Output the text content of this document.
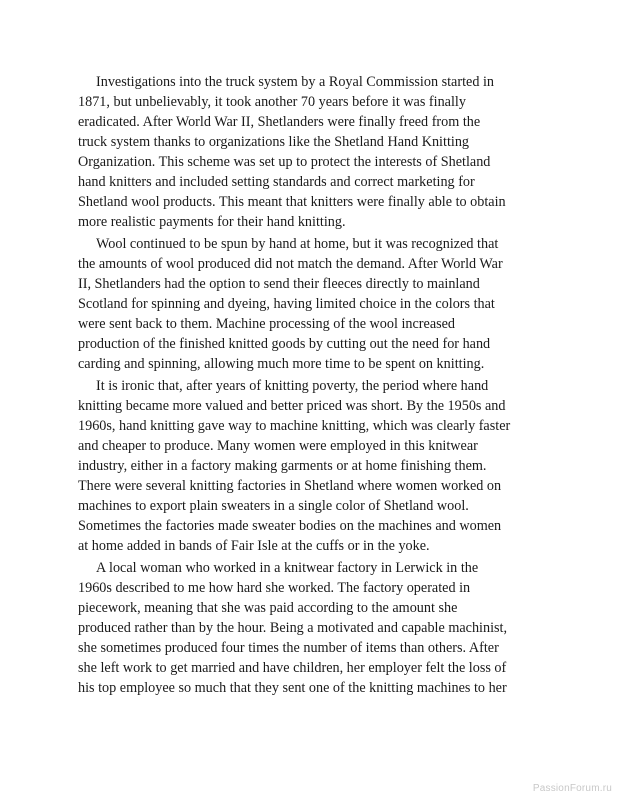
Investigations into the truck system by a Royal Commission started in
1871, but unbelievably, it took another 70 years before it was finally
eradicated. After World War II, Shetlanders were finally freed from the
truck system thanks to organizations like the Shetland Hand Knitting
Organization. This scheme was set up to protect the interests of Shetland
hand knitters and included setting standards and correct marketing for
Shetland wool products. This meant that knitters were finally able to obtain
more realistic payments for their hand knitting.

Wool continued to be spun by hand at home, but it was recognized that
the amounts of wool produced did not match the demand. After World War
II, Shetlanders had the option to send their fleeces directly to mainland
Scotland for spinning and dyeing, having limited choice in the colors that
were sent back to them. Machine processing of the wool increased
production of the finished knitted goods by cutting out the need for hand
carding and spinning, allowing much more time to be spent on knitting.

It is ironic that, after years of knitting poverty, the period where hand
knitting became more valued and better priced was short. By the 1950s and
1960s, hand knitting gave way to machine knitting, which was clearly faster
and cheaper to produce. Many women were employed in this knitwear
industry, either in a factory making garments or at home finishing them.
There were several knitting factories in Shetland where women worked on
machines to export plain sweaters in a single color of Shetland wool.
Sometimes the factories made sweater bodies on the machines and women
at home added in bands of Fair Isle at the cuffs or in the yoke.

A local woman who worked in a knitwear factory in Lerwick in the
1960s described to me how hard she worked. The factory operated in
piecework, meaning that she was paid according to the amount she
produced rather than by the hour. Being a motivated and capable machinist,
she sometimes produced four times the number of items than others. After
she left work to get married and have children, her employer felt the loss of
his top employee so much that they sent one of the knitting machines to her

PassionForum.ru
